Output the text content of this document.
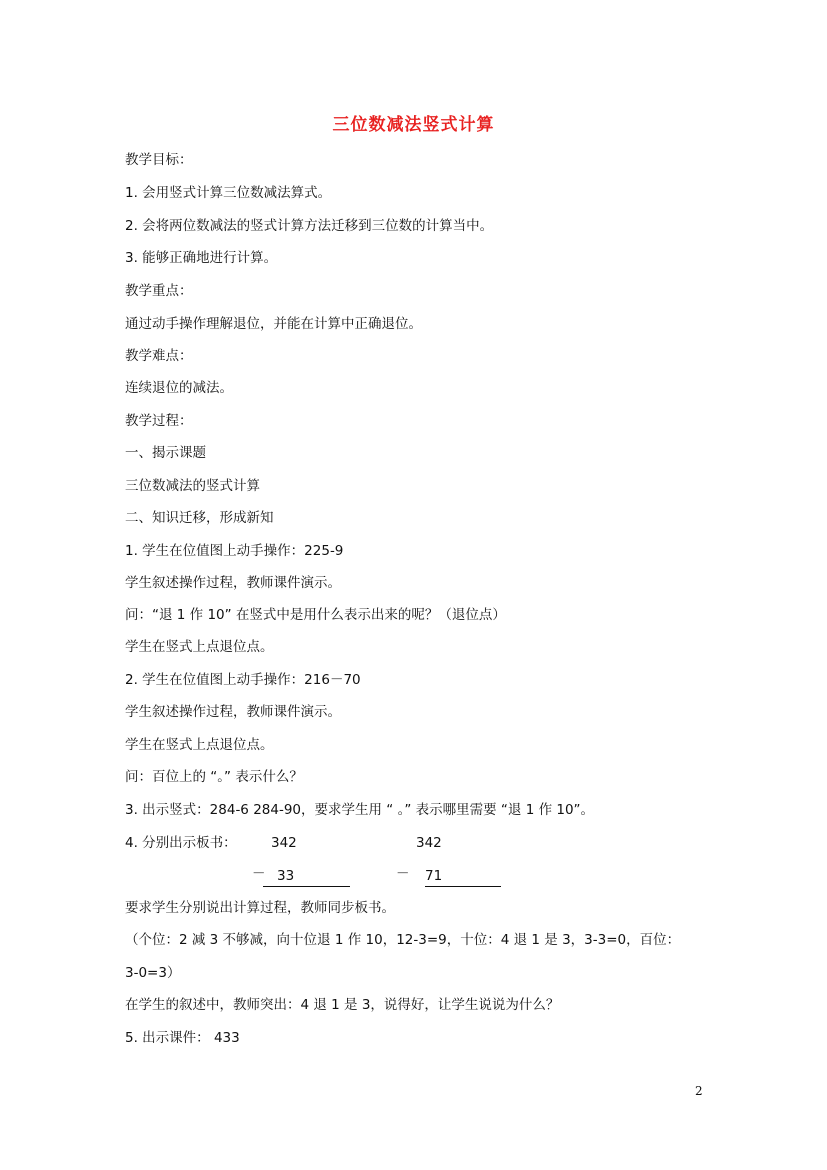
三位数减法竖式计算

教学目标：

1. 会用竖式计算三位数减法算式。

2. 会将两位数减法的竖式计算方法迁移到三位数的计算当中。

3. 能够正确地进行计算。

教学重点：

通过动手操作理解退位，并能在计算中正确退位。

教学难点：

连续退位的减法。

教学过程：

一、揭示课题

三位数减法的竖式计算

二、知识迁移，形成新知

1. 学生在位值图上动手操作：225-9

学生叙述操作过程，教师课件演示。

问：“退 1 作 10” 在竖式中是用什么表示出来的呢？（退位点）

学生在竖式上点退位点。

2. 学生在位值图上动手操作：216－70

学生叙述操作过程，教师课件演示。

学生在竖式上点退位点。

问：百位上的 “。” 表示什么？

3. 出示竖式：284-6 284-90，要求学生用 “ 。” 表示哪里需要 “退 1 作 10”。

4. 分别出示板书：	342	342
－ 33	－ 71

要求学生分别说出计算过程，教师同步板书。

（个位：2 减 3 不够减，向十位退 1 作 10，12-3=9，十位：4 退 1 是 3，3-3=0，百位：

3-0=3）

在学生的叙述中，教师突出：4 退 1 是 3，说得好，让学生说说为什么？

5. 出示课件： 433

2
